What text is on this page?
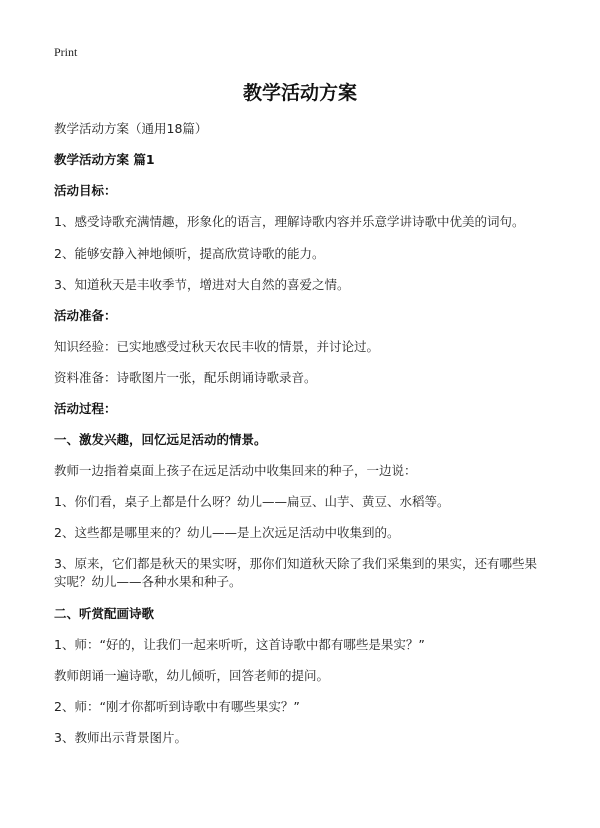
Print
教学活动方案
教学活动方案（通用18篇）
教学活动方案 篇1
活动目标：
1、感受诗歌充满情趣，形象化的语言，理解诗歌内容并乐意学讲诗歌中优美的词句。
2、能够安静入神地倾听，提高欣赏诗歌的能力。
3、知道秋天是丰收季节，增进对大自然的喜爱之情。
活动准备：
知识经验：已实地感受过秋天农民丰收的情景，并讨论过。
资料准备：诗歌图片一张，配乐朗诵诗歌录音。
活动过程：
一、激发兴趣，回忆远足活动的情景。
教师一边指着桌面上孩子在远足活动中收集回来的种子，一边说：
1、你们看，桌子上都是什么呀？幼儿——扁豆、山芋、黄豆、水稻等。
2、这些都是哪里来的？幼儿——是上次远足活动中收集到的。
3、原来，它们都是秋天的果实呀，那你们知道秋天除了我们采集到的果实，还有哪些果实呢？幼儿——各种水果和种子。
二、听赏配画诗歌
1、师：“好的，让我们一起来听听，这首诗歌中都有哪些是果实？”
教师朗诵一遍诗歌，幼儿倾听，回答老师的提问。
2、师：“刚才你都听到诗歌中有哪些果实？”
3、教师出示背景图片。
